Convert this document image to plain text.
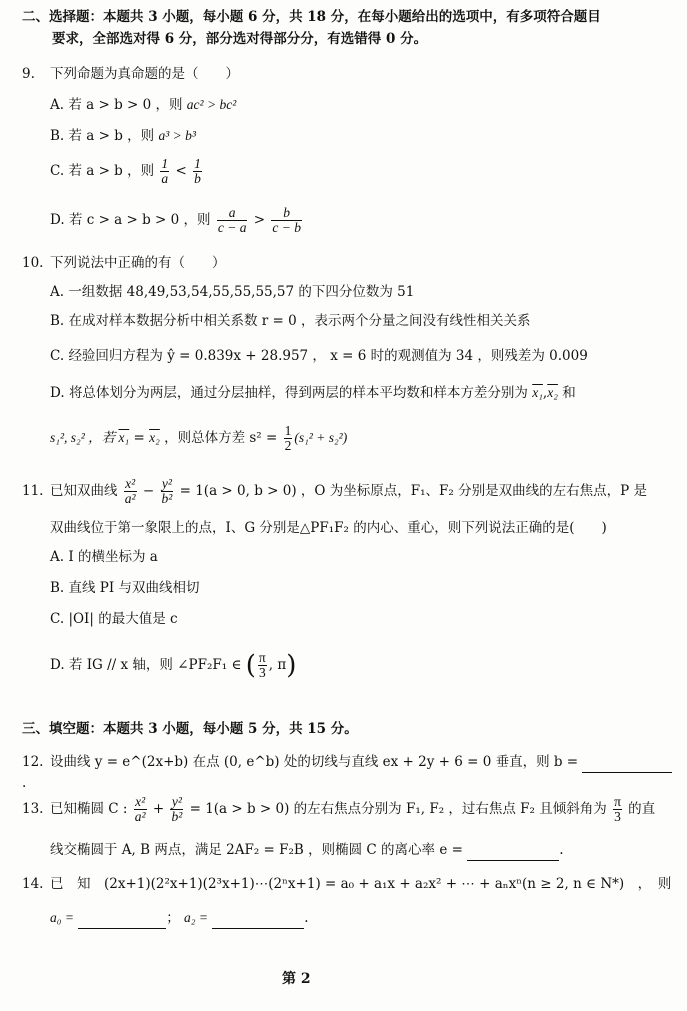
二、选择题：本题共 3 小题，每小题 6 分，共 18 分，在每小题给出的选项中，有多项符合题目
要求，全部选对得 6 分，部分选对得部分分，有选错得 0 分。
9. 下列命题为真命题的是（　　）
A. 若 a > b > 0 ，则 ac² > bc²
B. 若 a > b ，则 a³ > b³
C. 若 a > b ，则 $\frac{1}{a} < \frac{1}{b}$
D. 若 c > a > b > 0 ，则 $\frac{a}{c - a} > \frac{b}{c - b}$
10. 下列说法中正确的有（　　）
A. 一组数据 48,49,53,54,55,55,55,57 的下四分位数为 51
B. 在成对样本数据分析中相关系数 r = 0 ，表示两个分量之间没有线性相关关系
C. 经验回归方程为 ŷ = 0.839x + 28.957 ， x = 6 时的观测值为 34 ，则残差为 0.009
D. 将总体划分为两层，通过分层抽样，得到两层的样本平均数和样本方差分别为 x₁,x₂ 和
s₁², s₂² ，若 x₁ = x₂ ，则总体方差 $s^2 = \frac{1}{2} (s_1^2 + s_2^2)$
11. 已知双曲线 $\frac{\text{x²}}{\text{a²}} - \frac{\text{y²}}{\text{b²}} = 1(a > 0$, b > 0) ，O 为坐标原点，F₁、F₂ 分别是双曲线的左右焦点，P 是
双曲线位于第一象限上的点，I、G 分别是△PF₁F₂ 的内心、重心，则下列说法正确的是(　　)
A. I 的横坐标为 a
B. 直线 PI 与双曲线相切
C. |OI| 的最大值是 c
D. 若 IG // x 轴，则 ∠PF₂F₁ ∈ ( $\frac{\pi}{3}$ , π)
三、填空题：本题共 3 小题，每小题 5 分，共 15 分。
12. 设曲线 y = e^(2x+b) 在点 (0, e^b) 处的切线与直线 ex + 2y + 6 = 0 垂直，则 b =  .
13. 已知椭圆 C : $\frac{\text{x²}}{\text{a²}} + \frac{\text{y²}}{\text{b²}} = 1(a > b > 0)$ 的左右焦点分别为 F₁, F₂ ，过右焦点 F₂ 且倾斜角为 $\frac{\pi}{3}$ 的直
线交椭圆于 A, B 两点，满足 2AF₂ = F₂B ，则椭圆 C 的离心率 e =	.
14. 已　知　(2x+1)(2²x+1)(2³x+1)⋯(2ⁿx+1) = a₀ + a₁x + a₂x² + ⋯ + aₙxⁿ(n ≥ 2, n ∈ N*)　，　则
a₀ =	； a₂ =	.
第 2
